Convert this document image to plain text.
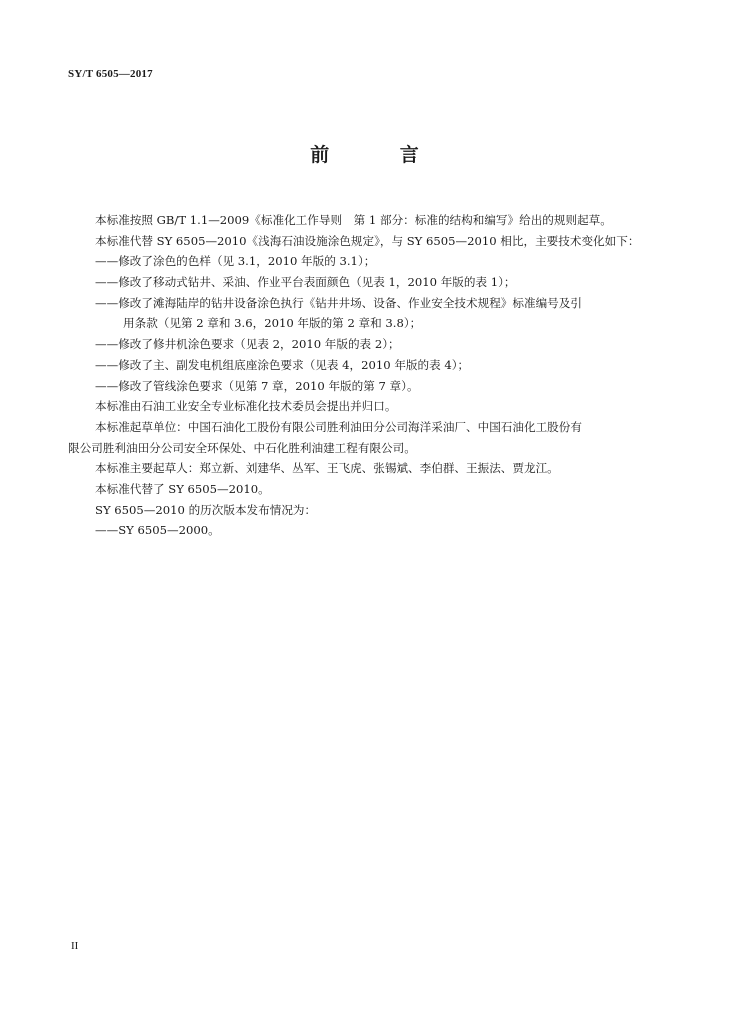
SY/T 6505—2017
前 言
本标准按照 GB/T 1.1—2009《标准化工作导则　第 1 部分：标准的结构和编写》给出的规则起草。
本标准代替 SY 6505—2010《浅海石油设施涂色规定》，与 SY 6505—2010 相比，主要技术变化如下：
——修改了涂色的色样（见 3.1，2010 年版的 3.1）；
——修改了移动式钻井、采油、作业平台表面颜色（见表 1，2010 年版的表 1）；
——修改了滩海陆岸的钻井设备涂色执行《钻井井场、设备、作业安全技术规程》标准编号及引
用条款（见第 2 章和 3.6，2010 年版的第 2 章和 3.8）；
——修改了修井机涂色要求（见表 2，2010 年版的表 2）；
——修改了主、副发电机组底座涂色要求（见表 4，2010 年版的表 4）；
——修改了管线涂色要求（见第 7 章，2010 年版的第 7 章）。
本标准由石油工业安全专业标准化技术委员会提出并归口。
本标准起草单位：中国石油化工股份有限公司胜利油田分公司海洋采油厂、中国石油化工股份有
限公司胜利油田分公司安全环保处、中石化胜利油建工程有限公司。
本标准主要起草人：郑立新、刘建华、丛军、王飞虎、张锡斌、李伯群、王振法、贾龙江。
本标准代替了 SY 6505—2010。
SY 6505—2010 的历次版本发布情况为：
——SY 6505—2000。
II
